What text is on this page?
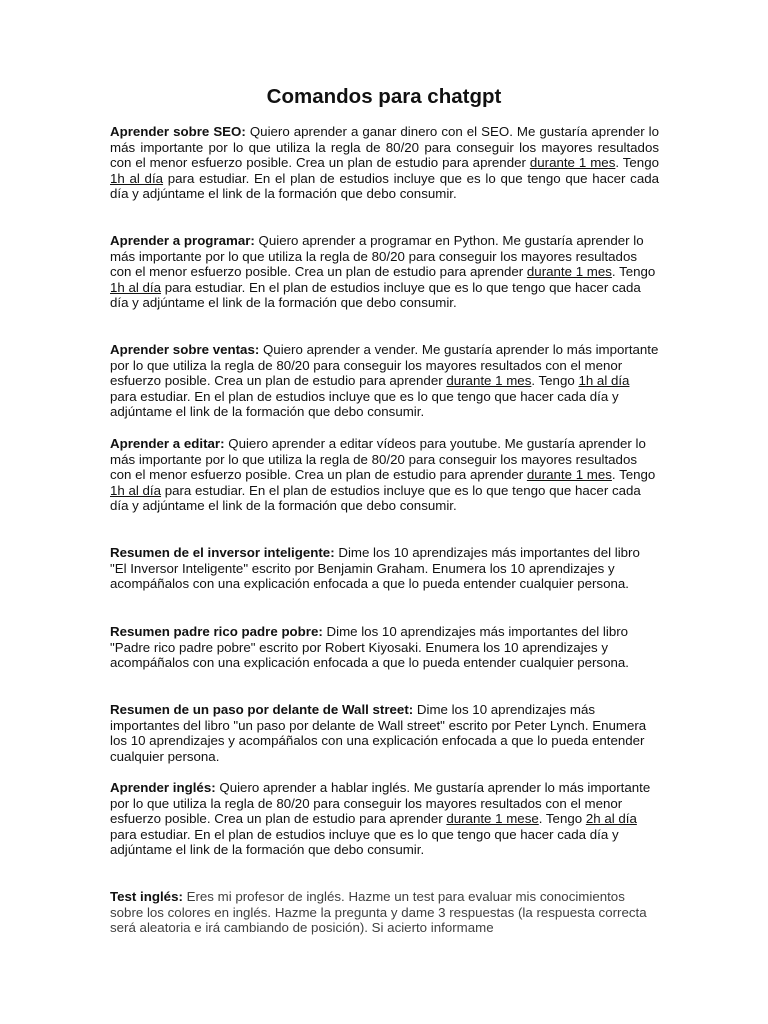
Comandos para chatgpt

Aprender sobre SEO: Quiero aprender a ganar dinero con el SEO. Me gustaría aprender lo más importante por lo que utiliza la regla de 80/20 para conseguir los mayores resultados con el menor esfuerzo posible. Crea un plan de estudio para aprender durante 1 mes. Tengo 1h al día para estudiar. En el plan de estudios incluye que es lo que tengo que hacer cada día y adjúntame el link de la formación que debo consumir.

Aprender a programar: Quiero aprender a programar en Python. Me gustaría aprender lo más importante por lo que utiliza la regla de 80/20 para conseguir los mayores resultados con el menor esfuerzo posible. Crea un plan de estudio para aprender durante 1 mes. Tengo 1h al día para estudiar. En el plan de estudios incluye que es lo que tengo que hacer cada día y adjúntame el link de la formación que debo consumir.

Aprender sobre ventas: Quiero aprender a vender. Me gustaría aprender lo más importante por lo que utiliza la regla de 80/20 para conseguir los mayores resultados con el menor esfuerzo posible. Crea un plan de estudio para aprender durante 1 mes. Tengo 1h al día para estudiar. En el plan de estudios incluye que es lo que tengo que hacer cada día y adjúntame el link de la formación que debo consumir.

Aprender a editar: Quiero aprender a editar vídeos para youtube. Me gustaría aprender lo más importante por lo que utiliza la regla de 80/20 para conseguir los mayores resultados con el menor esfuerzo posible. Crea un plan de estudio para aprender durante 1 mes. Tengo 1h al día para estudiar. En el plan de estudios incluye que es lo que tengo que hacer cada día y adjúntame el link de la formación que debo consumir.

Resumen de el inversor inteligente: Dime los 10 aprendizajes más importantes del libro "El Inversor Inteligente" escrito por Benjamin Graham. Enumera los 10 aprendizajes y acompáñalos con una explicación enfocada a que lo pueda entender cualquier persona.

Resumen padre rico padre pobre: Dime los 10 aprendizajes más importantes del libro "Padre rico padre pobre" escrito por Robert Kiyosaki. Enumera los 10 aprendizajes y acompáñalos con una explicación enfocada a que lo pueda entender cualquier persona.

Resumen de un paso por delante de Wall street: Dime los 10 aprendizajes más importantes del libro "un paso por delante de Wall street" escrito por Peter Lynch. Enumera los 10 aprendizajes y acompáñalos con una explicación enfocada a que lo pueda entender cualquier persona.

Aprender inglés: Quiero aprender a hablar inglés. Me gustaría aprender lo más importante por lo que utiliza la regla de 80/20 para conseguir los mayores resultados con el menor esfuerzo posible. Crea un plan de estudio para aprender durante 1 mese. Tengo 2h al día para estudiar. En el plan de estudios incluye que es lo que tengo que hacer cada día y adjúntame el link de la formación que debo consumir.

Test inglés: Eres mi profesor de inglés. Hazme un test para evaluar mis conocimientos sobre los colores en inglés. Hazme la pregunta y dame 3 respuestas (la respuesta correcta será aleatoria e irá cambiando de posición). Si acierto informame
